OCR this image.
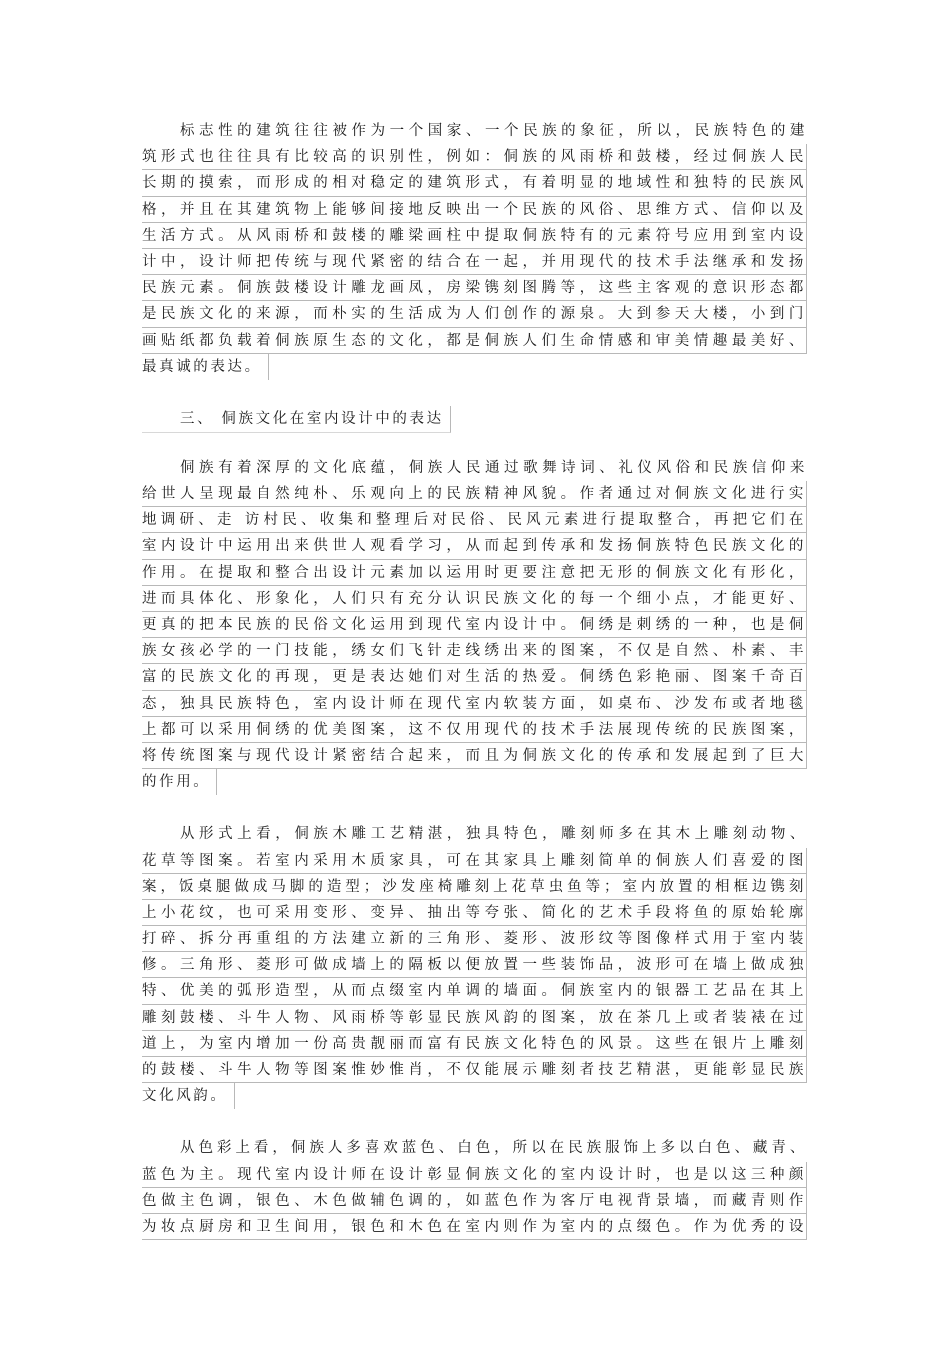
标志性的建筑往往被作为一个国家、一个民族的象征，所以，民族特色的建
筑形式也往往具有比较高的识别性，例如：侗族的风雨桥和鼓楼，经过侗族人民
长期的摸索，而形成的相对稳定的建筑形式，有着明显的地域性和独特的民族风
格，并且在其建筑物上能够间接地反映出一个民族的风俗、思维方式、信仰以及
生活方式。从风雨桥和鼓楼的雕梁画柱中提取侗族特有的元素符号应用到室内设
计中，设计师把传统与现代紧密的结合在一起，并用现代的技术手法继承和发扬
民族元素。侗族鼓楼设计雕龙画凤，房梁镌刻图腾等，这些主客观的意识形态都
是民族文化的来源，而朴实的生活成为人们创作的源泉。大到参天大楼，小到门
画贴纸都负载着侗族原生态的文化，都是侗族人们生命情感和审美情趣最美好、
最真诚的表达。
三、 侗族文化在室内设计中的表达
侗族有着深厚的文化底蕴，侗族人民通过歌舞诗词、礼仪风俗和民族信仰来
给世人呈现最自然纯朴、乐观向上的民族精神风貌。作者通过对侗族文化进行实
地调研、走 访村民、收集和整理后对民俗、民风元素进行提取整合，再把它们在
室内设计中运用出来供世人观看学习，从而起到传承和发扬侗族特色民族文化的
作用。在提取和整合出设计元素加以运用时更要注意把无形的侗族文化有形化，
进而具体化、形象化，人们只有充分认识民族文化的每一个细小点，才能更好、
更真的把本民族的民俗文化运用到现代室内设计中。侗绣是刺绣的一种，也是侗
族女孩必学的一门技能，绣女们飞针走线绣出来的图案，不仅是自然、朴素、丰
富的民族文化的再现，更是表达她们对生活的热爱。侗绣色彩艳丽、图案千奇百
态，独具民族特色，室内设计师在现代室内软装方面，如桌布、沙发布或者地毯
上都可以采用侗绣的优美图案，这不仅用现代的技术手法展现传统的民族图案，
将传统图案与现代设计紧密结合起来，而且为侗族文化的传承和发展起到了巨大
的作用。
从形式上看，侗族木雕工艺精湛，独具特色，雕刻师多在其木上雕刻动物、
花草等图案。若室内采用木质家具，可在其家具上雕刻简单的侗族人们喜爱的图
案，饭桌腿做成马脚的造型；沙发座椅雕刻上花草虫鱼等；室内放置的相框边镌刻
上小花纹，也可采用变形、变异、抽出等夸张、简化的艺术手段将鱼的原始轮廓
打碎、拆分再重组的方法建立新的三角形、菱形、波形纹等图像样式用于室内装
修。三角形、菱形可做成墙上的隔板以便放置一些装饰品，波形可在墙上做成独
特、优美的弧形造型，从而点缀室内单调的墙面。侗族室内的银器工艺品在其上
雕刻鼓楼、斗牛人物、风雨桥等彰显民族风韵的图案，放在茶几上或者装裱在过
道上，为室内增加一份高贵靓丽而富有民族文化特色的风景。这些在银片上雕刻
的鼓楼、斗牛人物等图案惟妙惟肖，不仅能展示雕刻者技艺精湛，更能彰显民族
文化风韵。
从色彩上看，侗族人多喜欢蓝色、白色，所以在民族服饰上多以白色、藏青、
蓝色为主。现代室内设计师在设计彰显侗族文化的室内设计时，也是以这三种颜
色做主色调，银色、木色做辅色调的，如蓝色作为客厅电视背景墙，而藏青则作
为妆点厨房和卫生间用，银色和木色在室内则作为室内的点缀色。作为优秀的设
